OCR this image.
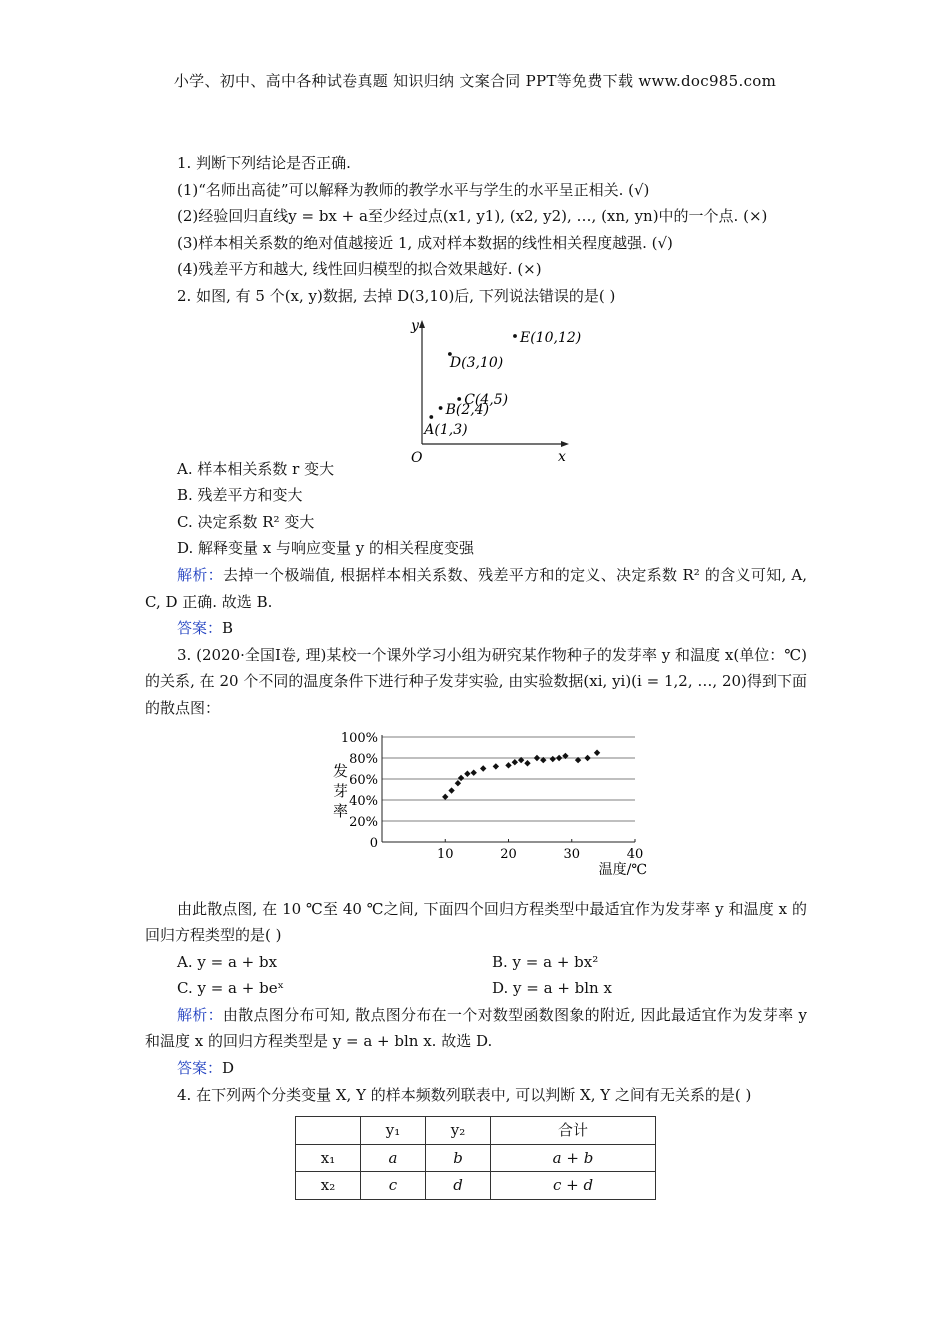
小学、初中、高中各种试卷真题 知识归纳 文案合同 PPT等免费下载 www.doc985.com
1. 判断下列结论是否正确.
(1)“名师出高徒”可以解释为教师的教学水平与学生的水平呈正相关. (√)
(2)经验回归直线y = bx + a至少经过点(x1, y1), (x2, y2), …, (xn, yn)中的一个点. (×)
(3)样本相关系数的绝对值越接近 1, 成对样本数据的线性相关程度越强. (√)
(4)残差平方和越大, 线性回归模型的拟合效果越好. (×)
2. 如图, 有 5 个(x, y)数据, 去掉 D(3,10)后, 下列说法错误的是( )
y
x
O
A(1,3)
B(2,4)
C(4,5)
D(3,10)
E(10,12)
A. 样本相关系数 r 变大
B. 残差平方和变大
C. 决定系数 R² 变大
D. 解释变量 x 与响应变量 y 的相关程度变强
解析：去掉一个极端值, 根据样本相关系数、残差平方和的定义、决定系数 R² 的含义可知, A, C, D 正确. 故选 B.
答案：B
3. (2020·全国Ⅰ卷, 理)某校一个课外学习小组为研究某作物种子的发芽率 y 和温度 x(单位：℃)的关系, 在 20 个不同的温度条件下进行种子发芽实验, 由实验数据(xi, yi)(i = 1,2, …, 20)得到下面的散点图：
0
20%
40%
60%
80%
100%
10	20	30	40
发
芽
率
温度/℃
由此散点图, 在 10 ℃至 40 ℃之间, 下面四个回归方程类型中最适宜作为发芽率 y 和温度 x 的回归方程类型的是( )
A. y = a + bx	B. y = a + bx²
C. y = a + beˣ	D. y = a + bln x
解析：由散点图分布可知, 散点图分布在一个对数型函数图象的附近, 因此最适宜作为发芽率 y 和温度 x 的回归方程类型是 y = a + bln x. 故选 D.
答案：D
4. 在下列两个分类变量 X, Y 的样本频数列联表中, 可以判断 X, Y 之间有无关系的是( )
	y₁	y₂	合计
x₁	a	b	a + b
x₂	c	d	c + d
